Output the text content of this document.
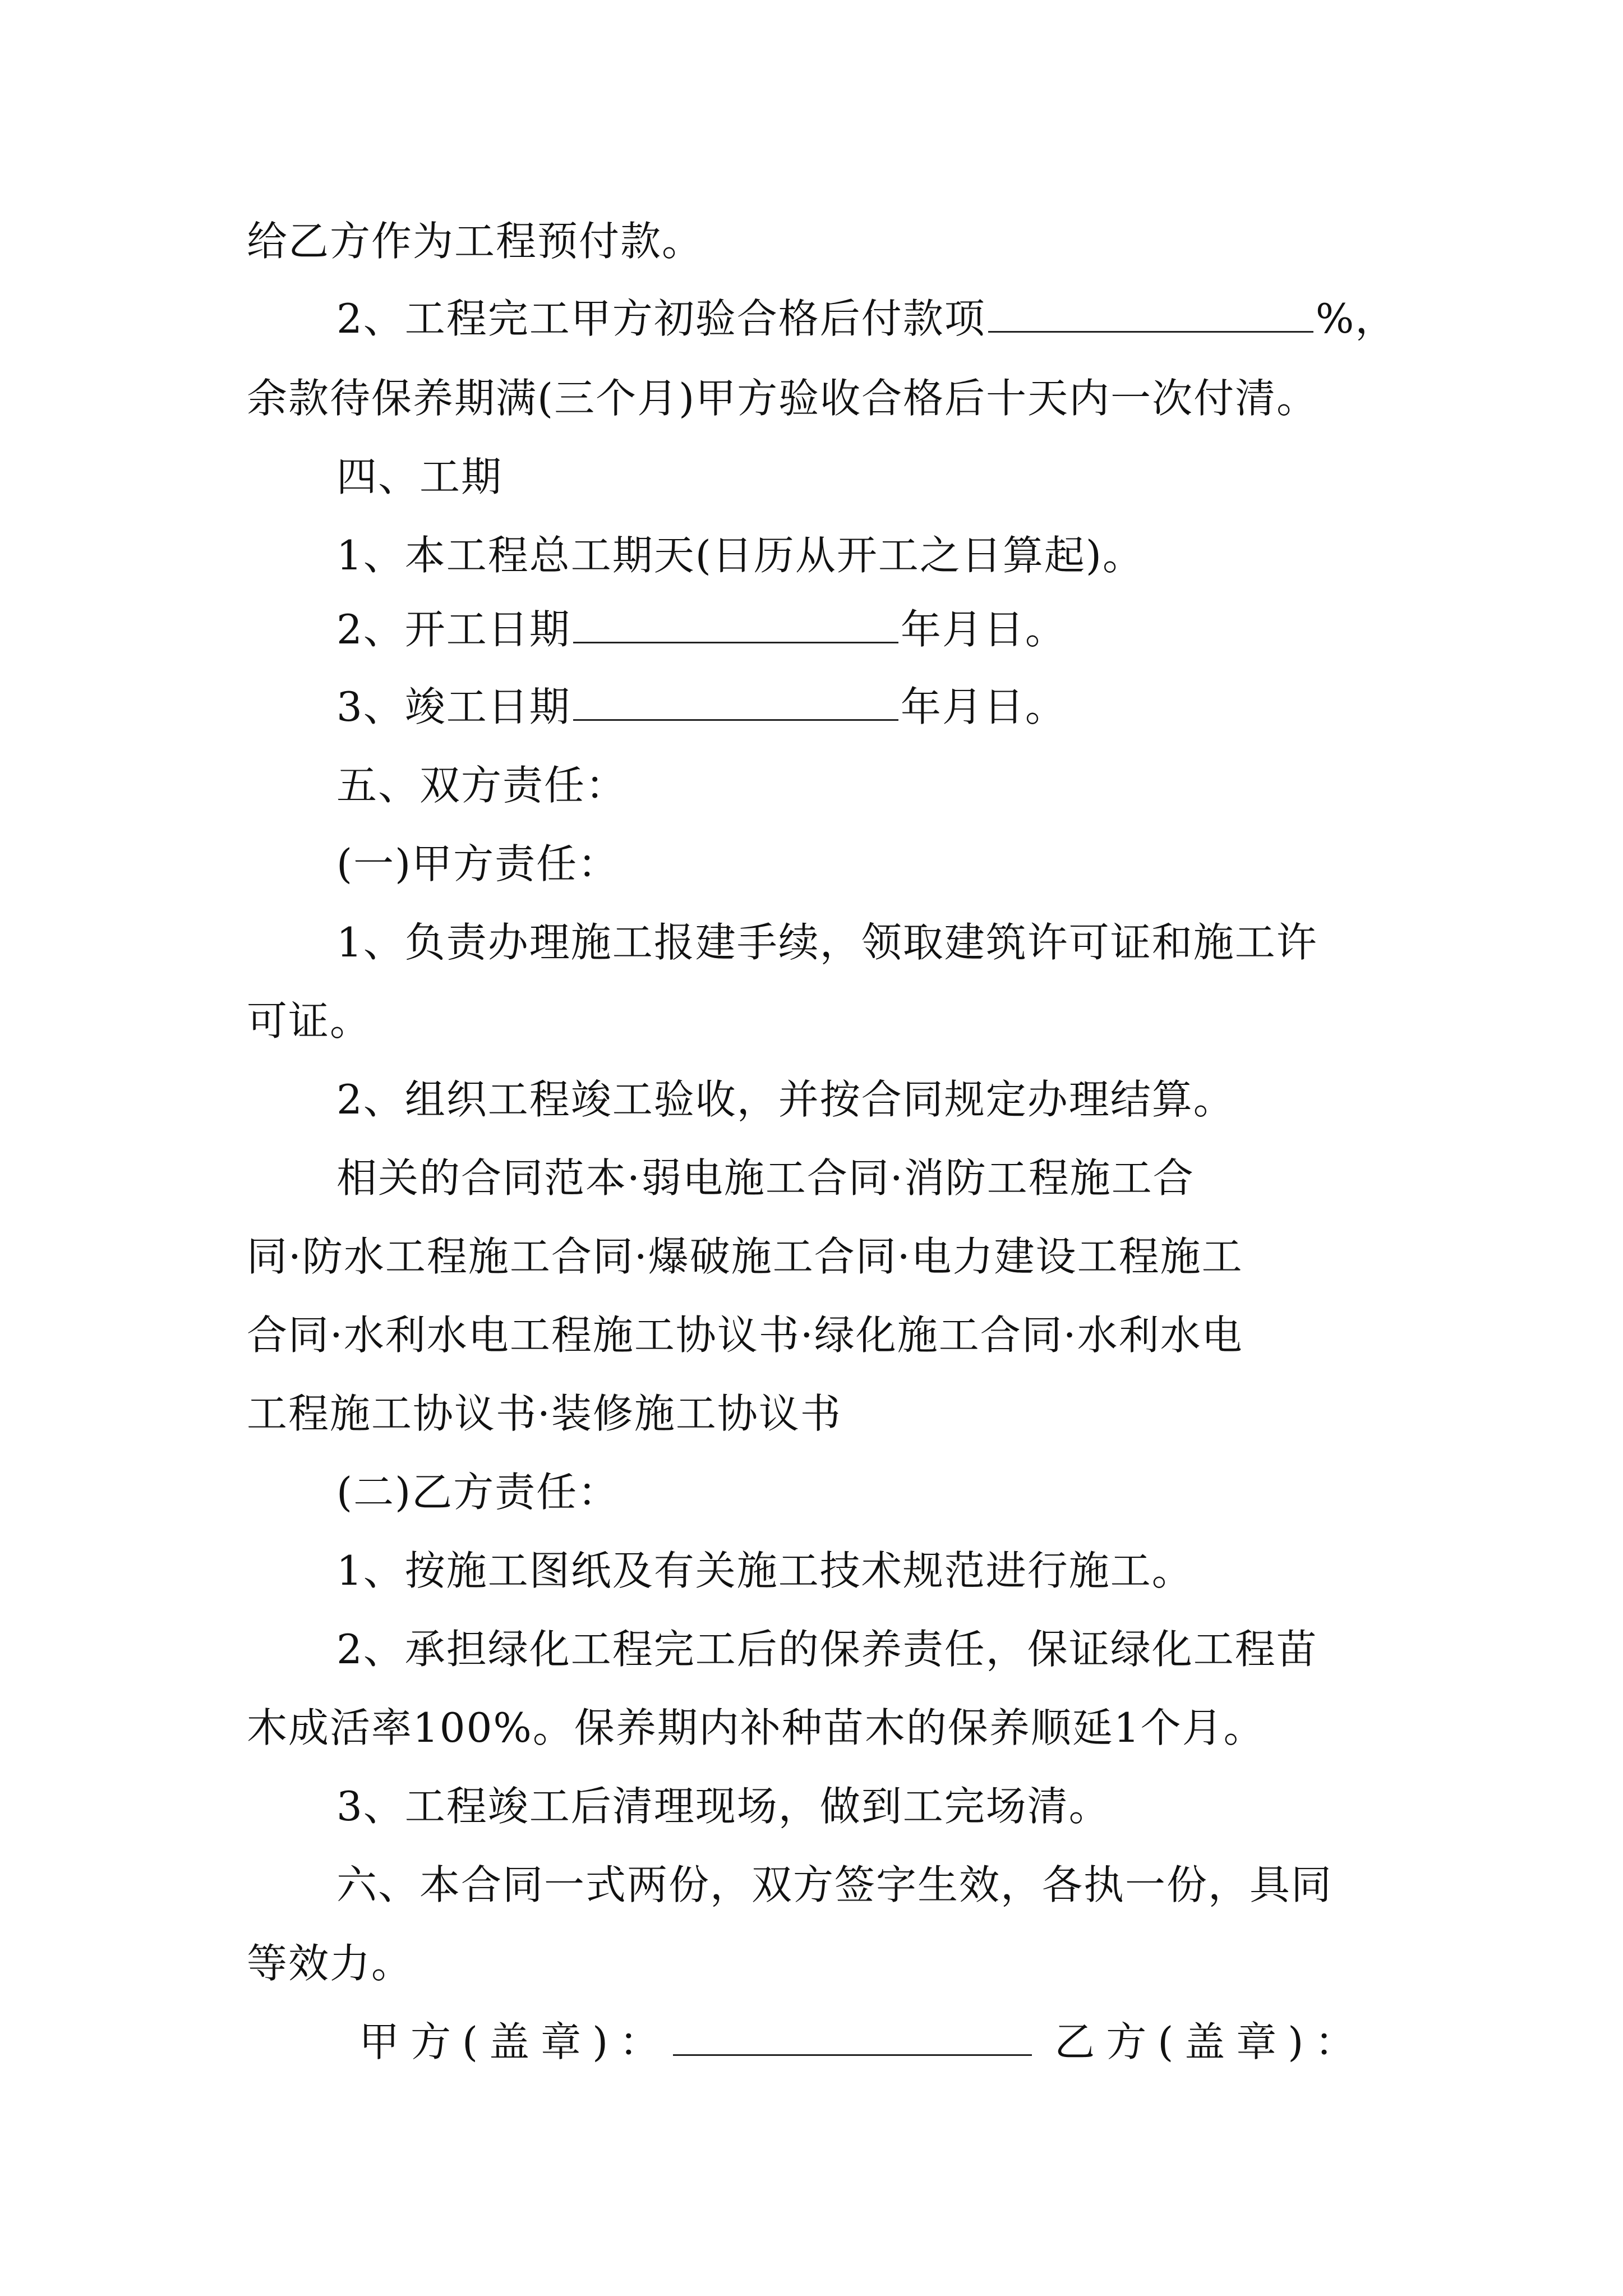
给乙方作为工程预付款。

2、工程完工甲方初验合格后付款项	%，

余款待保养期满(三个月)甲方验收合格后十天内一次付清。

四、工期

1、本工程总工期天(日历从开工之日算起)。

2、开工日期	年月日。

3、竣工日期	年月日。

五、双方责任：

(一)甲方责任：

1、负责办理施工报建手续，领取建筑许可证和施工许

可证。

2、组织工程竣工验收，并按合同规定办理结算。

相关的合同范本·弱电施工合同·消防工程施工合

同·防水工程施工合同·爆破施工合同·电力建设工程施工

合同·水利水电工程施工协议书·绿化施工合同·水利水电

工程施工协议书·装修施工协议书

(二)乙方责任：

1、按施工图纸及有关施工技术规范进行施工。

2、承担绿化工程完工后的保养责任，保证绿化工程苗

木成活率100%。保养期内补种苗木的保养顺延1个月。

3、工程竣工后清理现场，做到工完场清。

六、本合同一式两份，双方签字生效，各执一份，具同

等效力。

甲方(盖章)：	乙方(盖章)：
